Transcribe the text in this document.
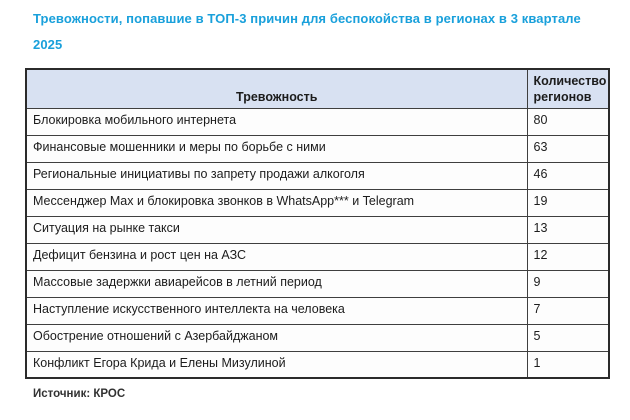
Тревожности, попавшие в ТОП-3 причин для беспокойства в регионах в 3 квартале 2025
Тревожность	Количество регионов
Блокировка мобильного интернета	80
Финансовые мошенники и меры по борьбе с ними	63
Региональные инициативы по запрету продажи алкоголя	46
Мессенджер Max и блокировка звонков в WhatsApp*** и Telegram	19
Ситуация на рынке такси	13
Дефицит бензина и рост цен на АЗС	12
Массовые задержки авиарейсов в летний период	9
Наступление искусственного интеллекта на человека	7
Обострение отношений с Азербайджаном	5
Конфликт Егора Крида и Елены Мизулиной	1
Источник: КРОС
